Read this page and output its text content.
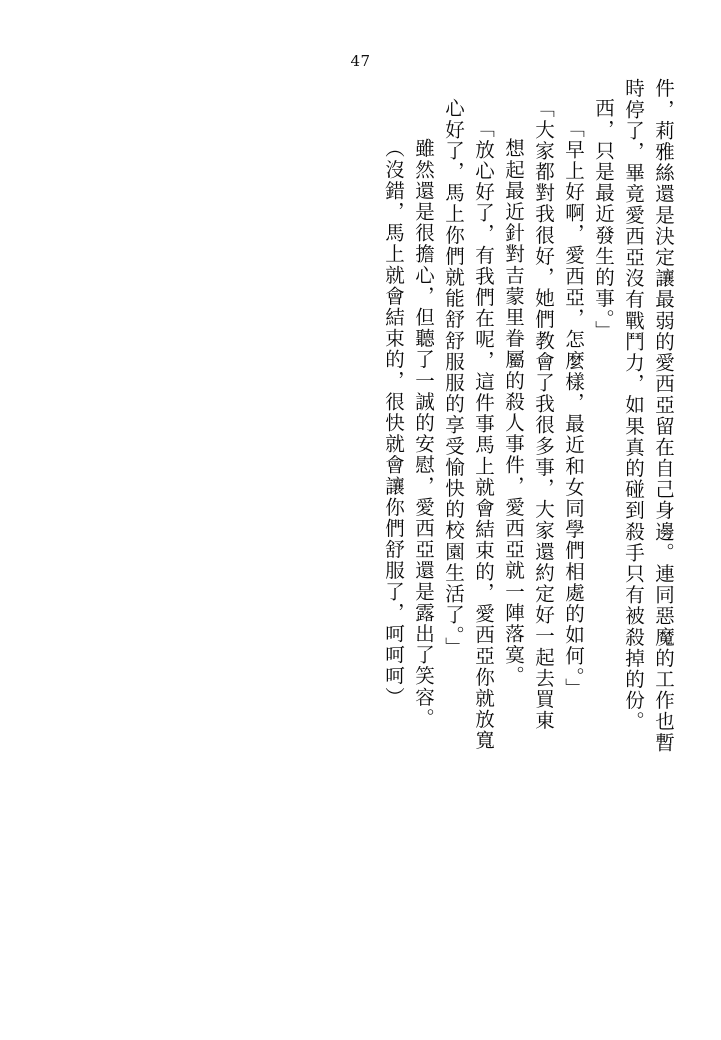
47
件，莉雅絲還是決定讓最弱的愛西亞留在自己身邊。連同惡魔的工作也暫
時停了，畢竟愛西亞沒有戰鬥力，如果真的碰到殺手只有被殺掉的份。
西，只是最近發生的事。」
「早上好啊，愛西亞，怎麼樣，最近和女同學們相處的如何。」
「大家都對我很好，她們教會了我很多事，大家還約定好一起去買東
想起最近針對吉蒙里眷屬的殺人事件，愛西亞就一陣落寞。
「放心好了，有我們在呢，這件事馬上就會結束的，愛西亞你就放寬
心好了，馬上你們就能舒舒服服的享受愉快的校園生活了。」
雖然還是很擔心，但聽了一誠的安慰，愛西亞還是露出了笑容。
（沒錯，馬上就會結束的，很快就會讓你們舒服了，呵呵呵）
